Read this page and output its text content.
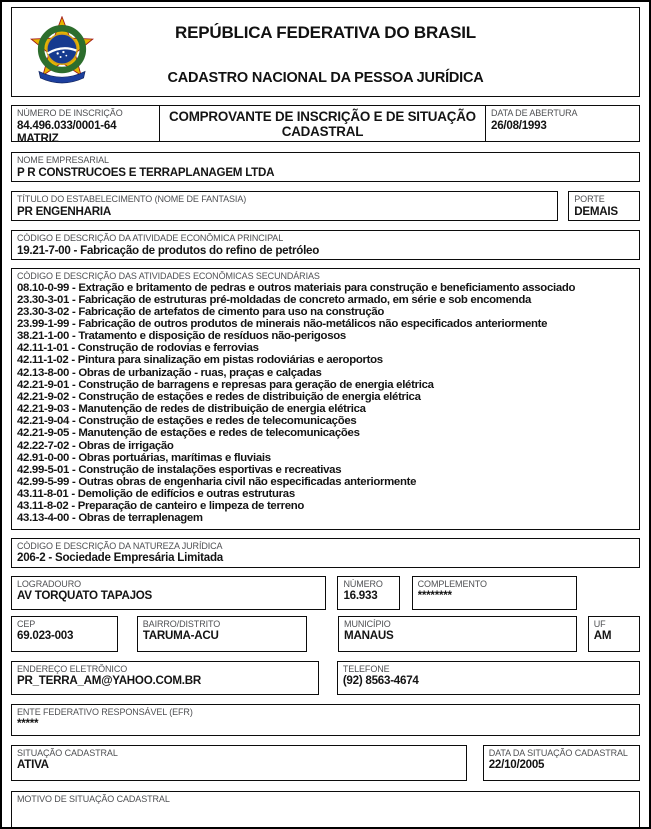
REPÚBLICA FEDERATIVA DO BRASIL
CADASTRO NACIONAL DA PESSOA JURÍDICA
NÚMERO DE INSCRIÇÃO
84.496.033/0001-64
MATRIZ
COMPROVANTE DE INSCRIÇÃO E DE SITUAÇÃO CADASTRAL
DATA DE ABERTURA
26/08/1993
NOME EMPRESARIAL
P R CONSTRUCOES E TERRAPLANAGEM LTDA
TÍTULO DO ESTABELECIMENTO (NOME DE FANTASIA)
PR ENGENHARIA
PORTE
DEMAIS
CÓDIGO E DESCRIÇÃO DA ATIVIDADE ECONÔMICA PRINCIPAL
19.21-7-00 - Fabricação de produtos do refino de petróleo
CÓDIGO E DESCRIÇÃO DAS ATIVIDADES ECONÔMICAS SECUNDÁRIAS
08.10-0-99 - Extração e britamento de pedras e outros materiais para construção e beneficiamento associado
23.30-3-01 - Fabricação de estruturas pré-moldadas de concreto armado, em série e sob encomenda
23.30-3-02 - Fabricação de artefatos de cimento para uso na construção
23.99-1-99 - Fabricação de outros produtos de minerais não-metálicos não especificados anteriormente
38.21-1-00 - Tratamento e disposição de resíduos não-perigosos
42.11-1-01 - Construção de rodovias e ferrovias
42.11-1-02 - Pintura para sinalização em pistas rodoviárias e aeroportos
42.13-8-00 - Obras de urbanização - ruas, praças e calçadas
42.21-9-01 - Construção de barragens e represas para geração de energia elétrica
42.21-9-02 - Construção de estações e redes de distribuição de energia elétrica
42.21-9-03 - Manutenção de redes de distribuição de energia elétrica
42.21-9-04 - Construção de estações e redes de telecomunicações
42.21-9-05 - Manutenção de estações e redes de telecomunicações
42.22-7-02 - Obras de irrigação
42.91-0-00 - Obras portuárias, marítimas e fluviais
42.99-5-01 - Construção de instalações esportivas e recreativas
42.99-5-99 - Outras obras de engenharia civil não especificadas anteriormente
43.11-8-01 - Demolição de edifícios e outras estruturas
43.11-8-02 - Preparação de canteiro e limpeza de terreno
43.13-4-00 - Obras de terraplenagem
CÓDIGO E DESCRIÇÃO DA NATUREZA JURÍDICA
206-2 - Sociedade Empresária Limitada
LOGRADOURO
AV TORQUATO TAPAJOS
NÚMERO
16.933
COMPLEMENTO
********
CEP
69.023-003
BAIRRO/DISTRITO
TARUMA-ACU
MUNICÍPIO
MANAUS
UF
AM
ENDEREÇO ELETRÔNICO
PR_TERRA_AM@YAHOO.COM.BR
TELEFONE
(92) 8563-4674
ENTE FEDERATIVO RESPONSÁVEL (EFR)
*****
SITUAÇÃO CADASTRAL
ATIVA
DATA DA SITUAÇÃO CADASTRAL
22/10/2005
MOTIVO DE SITUAÇÃO CADASTRAL
